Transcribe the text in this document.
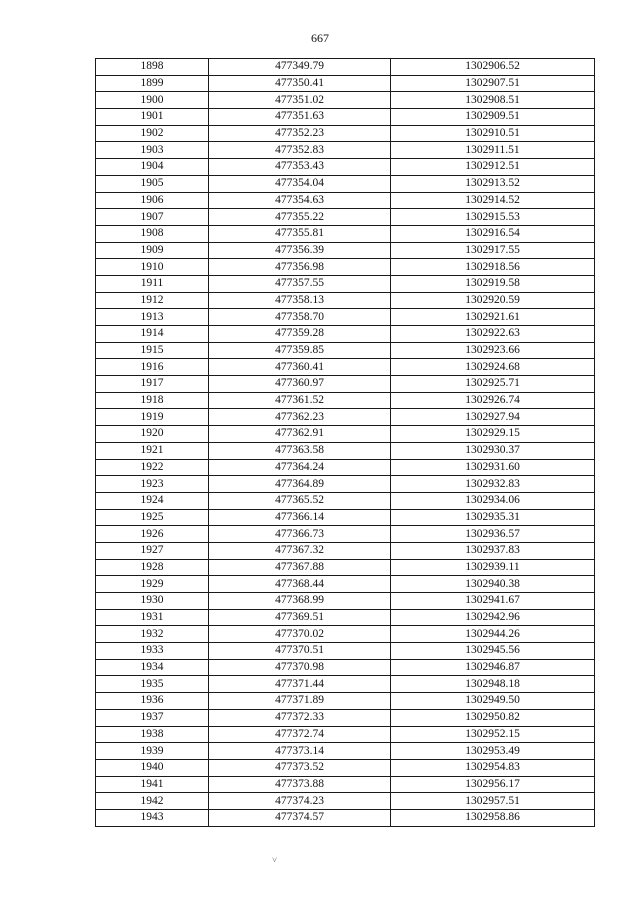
667
1898	477349.79	1302906.52
1899	477350.41	1302907.51
1900	477351.02	1302908.51
1901	477351.63	1302909.51
1902	477352.23	1302910.51
1903	477352.83	1302911.51
1904	477353.43	1302912.51
1905	477354.04	1302913.52
1906	477354.63	1302914.52
1907	477355.22	1302915.53
1908	477355.81	1302916.54
1909	477356.39	1302917.55
1910	477356.98	1302918.56
1911	477357.55	1302919.58
1912	477358.13	1302920.59
1913	477358.70	1302921.61
1914	477359.28	1302922.63
1915	477359.85	1302923.66
1916	477360.41	1302924.68
1917	477360.97	1302925.71
1918	477361.52	1302926.74
1919	477362.23	1302927.94
1920	477362.91	1302929.15
1921	477363.58	1302930.37
1922	477364.24	1302931.60
1923	477364.89	1302932.83
1924	477365.52	1302934.06
1925	477366.14	1302935.31
1926	477366.73	1302936.57
1927	477367.32	1302937.83
1928	477367.88	1302939.11
1929	477368.44	1302940.38
1930	477368.99	1302941.67
1931	477369.51	1302942.96
1932	477370.02	1302944.26
1933	477370.51	1302945.56
1934	477370.98	1302946.87
1935	477371.44	1302948.18
1936	477371.89	1302949.50
1937	477372.33	1302950.82
1938	477372.74	1302952.15
1939	477373.14	1302953.49
1940	477373.52	1302954.83
1941	477373.88	1302956.17
1942	477374.23	1302957.51
1943	477374.57	1302958.86
˅
